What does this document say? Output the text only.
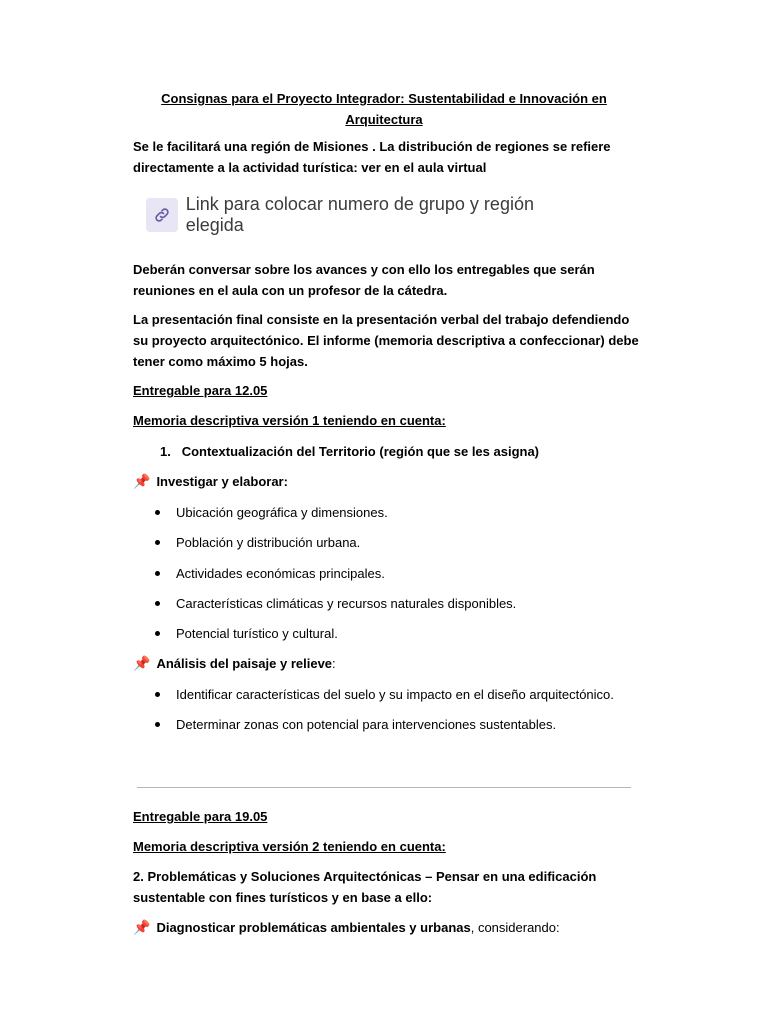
Consignas para el Proyecto Integrador: Sustentabilidad e Innovación en Arquitectura
Se le facilitará una región de Misiones . La distribución de regiones se refiere directamente a la actividad turística: ver en el aula virtual
Link para colocar numero de grupo y región elegida
Deberán conversar sobre los avances y con ello los entregables que serán reuniones en el aula con un profesor de la cátedra.
La presentación final consiste en la presentación verbal del trabajo defendiendo su proyecto arquitectónico. El informe (memoria descriptiva a confeccionar) debe tener como máximo 5 hojas.
Entregable para 12.05
Memoria descriptiva versión 1 teniendo en cuenta:
1. Contextualización del Territorio (región que se les asigna)
📌 Investigar y elaborar:
Ubicación geográfica y dimensiones.
Población y distribución urbana.
Actividades económicas principales.
Características climáticas y recursos naturales disponibles.
Potencial turístico y cultural.
📌 Análisis del paisaje y relieve :
Identificar características del suelo y su impacto en el diseño arquitectónico.
Determinar zonas con potencial para intervenciones sustentables.
Entregable para 19.05
Memoria descriptiva versión 2 teniendo en cuenta:
2. Problemáticas y Soluciones Arquitectónicas – Pensar en una edificación sustentable con fines turísticos y en base a ello:
📌 Diagnosticar problemáticas ambientales y urbanas , considerando:
